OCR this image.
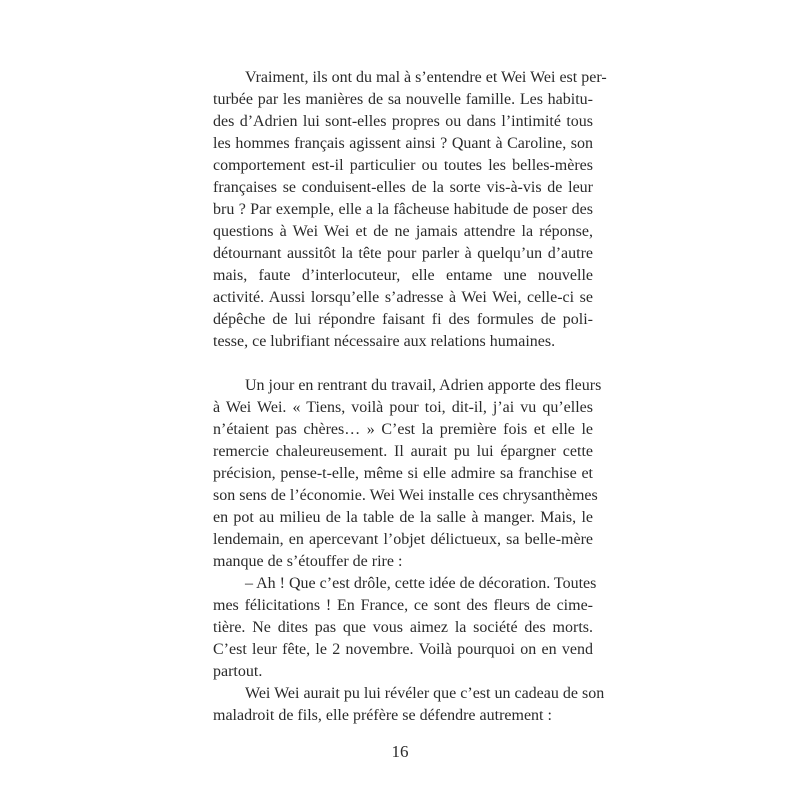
Vraiment, ils ont du mal à s’entendre et Wei Wei est per-
turbée par les manières de sa nouvelle famille. Les habitu-
des d’Adrien lui sont-elles propres ou dans l’intimité tous
les hommes français agissent ainsi ? Quant à Caroline, son
comportement est-il particulier ou toutes les belles-mères
françaises se conduisent-elles de la sorte vis-à-vis de leur
bru ? Par exemple, elle a la fâcheuse habitude de poser des
questions à Wei Wei et de ne jamais attendre la réponse,
détournant aussitôt la tête pour parler à quelqu’un d’autre
mais, faute d’interlocuteur, elle entame une nouvelle
activité. Aussi lorsqu’elle s’adresse à Wei Wei, celle-ci se
dépêche de lui répondre faisant fi des formules de poli-
tesse, ce lubrifiant nécessaire aux relations humaines.
Un jour en rentrant du travail, Adrien apporte des fleurs
à Wei Wei. « Tiens, voilà pour toi, dit-il, j’ai vu qu’elles
n’étaient pas chères… » C’est la première fois et elle le
remercie chaleureusement. Il aurait pu lui épargner cette
précision, pense-t-elle, même si elle admire sa franchise et
son sens de l’économie. Wei Wei installe ces chrysanthèmes
en pot au milieu de la table de la salle à manger. Mais, le
lendemain, en apercevant l’objet délictueux, sa belle-mère
manque de s’étouffer de rire :
– Ah ! Que c’est drôle, cette idée de décoration. Toutes
mes félicitations ! En France, ce sont des fleurs de cime-
tière. Ne dites pas que vous aimez la société des morts.
C’est leur fête, le 2 novembre. Voilà pourquoi on en vend
partout.
Wei Wei aurait pu lui révéler que c’est un cadeau de son
maladroit de fils, elle préfère se défendre autrement :
16
